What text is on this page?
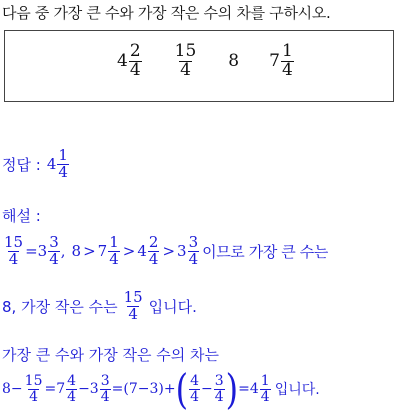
다음 중 가장 큰 수와 가장 작은 수의 차를 구하시오.
$4 \frac{2}{4} \frac{15}{4} 8$ $7 \frac{1}{4}$
정답 : $4 \frac{1}{4}$
해설 :
$\frac{15}{4} = 3 \frac{3}{4}$ , $8 > 7 \frac{1}{4} > 4 \frac{2}{4} > 3 \frac{3}{4}$ 이므로 가장 큰 수는
8, 가장 작은 수는 $\frac{15}{4}$ 입니다.
가장 큰 수와 가장 작은 수의 차는
$8 - \frac{15}{4} = 7 \frac{4}{4} - 3 \frac{3}{4} = (7-3)+$ ( $\frac{4}{4} - \frac{3}{4}$ ) = $4 \frac{1}{4}$ 입니다.
